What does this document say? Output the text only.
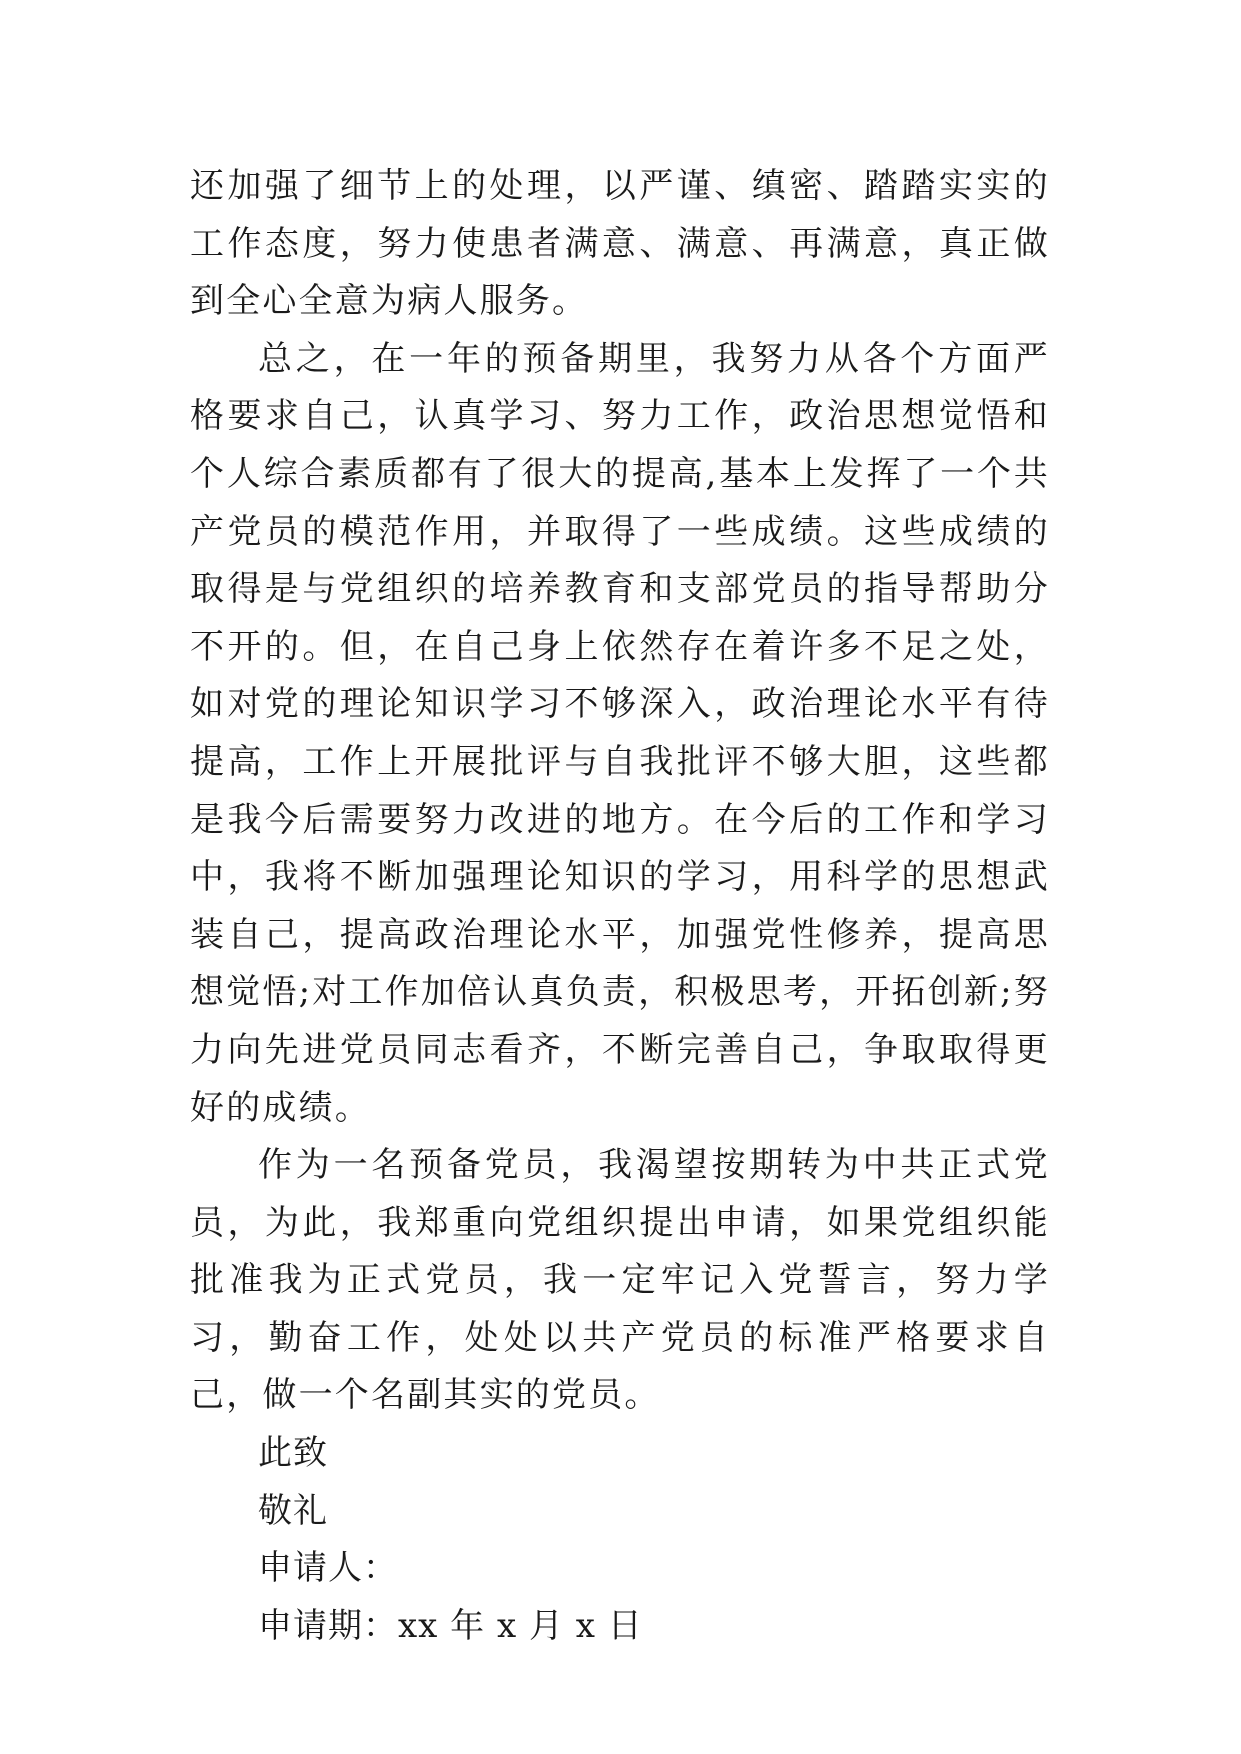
还加强了细节上的处理，以严谨、缜密、踏踏实实的工作态度，努力使患者满意、满意、再满意，真正做到全心全意为病人服务。

总之，在一年的预备期里，我努力从各个方面严格要求自己，认真学习、努力工作，政治思想觉悟和个人综合素质都有了很大的提高,基本上发挥了一个共产党员的模范作用，并取得了一些成绩。这些成绩的取得是与党组织的培养教育和支部党员的指导帮助分不开的。但，在自己身上依然存在着许多不足之处，如对党的理论知识学习不够深入，政治理论水平有待提高，工作上开展批评与自我批评不够大胆，这些都是我今后需要努力改进的地方。在今后的工作和学习中，我将不断加强理论知识的学习，用科学的思想武装自己，提高政治理论水平，加强党性修养，提高思想觉悟;对工作加倍认真负责，积极思考，开拓创新;努力向先进党员同志看齐，不断完善自己，争取取得更好的成绩。

作为一名预备党员，我渴望按期转为中共正式党员，为此，我郑重向党组织提出申请，如果党组织能批准我为正式党员，我一定牢记入党誓言，努力学习，勤奋工作，处处以共产党员的标准严格要求自己，做一个名副其实的党员。

此致

敬礼

申请人：

申请期：xx 年 x 月 x 日
